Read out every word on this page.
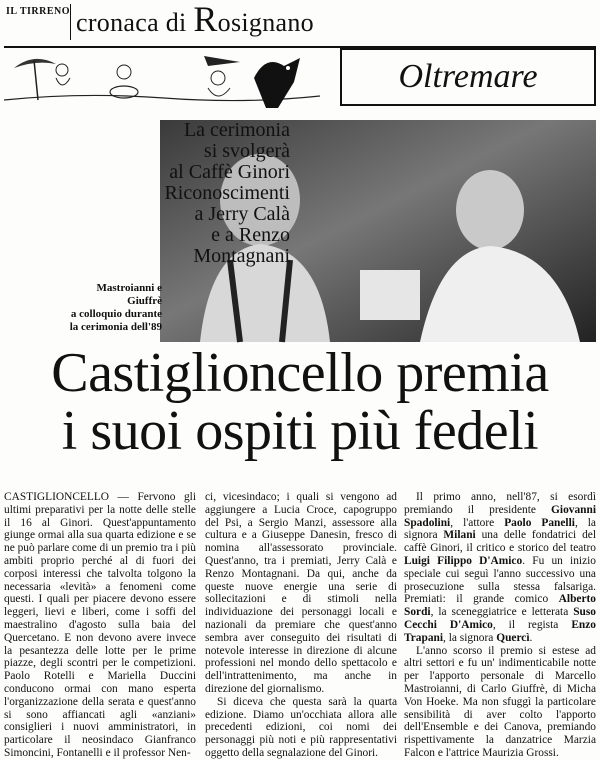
IL TIRRENO cronaca di Rosignano
Oltremare
La cerimonia
si svolgerà
al Caffè Ginori
Riconoscimenti
a Jerry Calà
e a Renzo
Montagnani
Mastroianni e Giuffrè
a colloquio durante
la cerimonia dell'89
Castiglioncello premia
i suoi ospiti più fedeli

CASTIGLIONCELLO — Fervono gli ultimi preparativi per la notte delle stelle il 16 al Ginori. Quest'appuntamento giunge ormai alla sua quarta edizione e se ne può parlare come di un premio tra i più ambiti proprio perché al di fuori dei corposi interessi che talvolta tolgono la necessaria «levità» a fenomeni come questi. I quali per piacere devono essere leggeri, lievi e liberi, come i soffi del maestralino d'agosto sulla baia del Quercetano. E non devono avere invece la pesantezza delle lotte per le prime piazze, degli scontri per le competizioni. Paolo Rotelli e Mariella Duccini conducono ormai con mano esperta l'organizzazione della serata e quest'anno si sono affiancati agli «anziani» consiglieri i nuovi amministratori, in particolare il neosindaco Gianfranco Simoncini, Fontanelli e il professor Nen-

ci, vicesindaco; i quali si vengono ad aggiungere a Lucia Croce, capogruppo del Psi, a Sergio Manzi, assessore alla cultura e a Giuseppe Danesin, fresco di nomina all'assessorato provinciale. Quest'anno, tra i premiati, Jerry Calà e Renzo Montagnani. Da qui, anche da queste nuove energie una serie di sollecitazioni e di stimoli nella individuazione dei personaggi locali e nazionali da premiare che quest'anno sembra aver conseguito dei risultati di notevole interesse in direzione di alcune professioni nel mondo dello spettacolo e dell'intrattenimento, ma anche in direzione del giornalismo.

Si diceva che questa sarà la quarta edizione. Diamo un'occhiata allora alle precedenti edizioni, coi nomi dei personaggi più noti e più rappresentativi oggetto della segnalazione del Ginori.

Il primo anno, nell'87, si esordì premiando il presidente Giovanni Spadolini, l'attore Paolo Panelli, la signora Milani una delle fondatrici del caffè Ginori, il critico e storico del teatro Luigi Filippo D'Amico. Fu un inizio speciale cui seguì l'anno successivo una prosecuzione sulla stessa falsariga. Premiati: il grande comico Alberto Sordi, la sceneggiatrice e letterata Suso Cecchi D'Amico, il regista Enzo Trapani, la signora Quercì.

L'anno scorso il premio si estese ad altri settori e fu un' indimenticabile notte per l'apporto personale di Marcello Mastroianni, di Carlo Giuffrè, di Micha Von Hoeke. Ma non sfuggì la particolare sensibilità di aver colto l'apporto dell'Ensemble e dei Canova, premiando rispettivamente la danzatrice Marzia Falcon e l'attrice Maurizia Grossi.
